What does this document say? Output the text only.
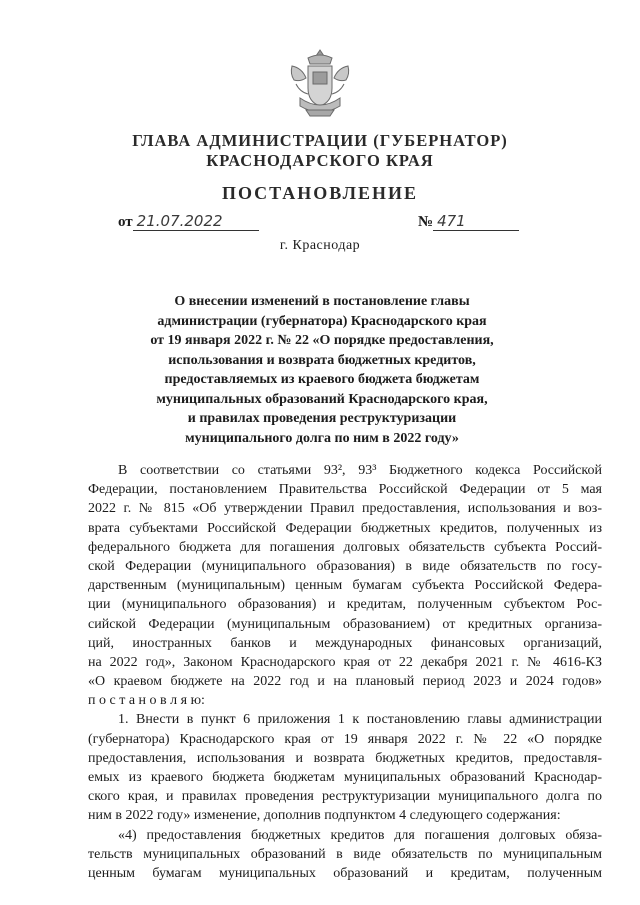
ГЛАВА АДМИНИСТРАЦИИ (ГУБЕРНАТОР)
КРАСНОДАРСКОГО КРАЯ
ПОСТАНОВЛЕНИЕ
от 21.07.2022	№ 471
г. Краснодар
О внесении изменений в постановление главы
администрации (губернатора) Краснодарского края
от 19 января 2022 г. № 22 «О порядке предоставления,
использования и возврата бюджетных кредитов,
предоставляемых из краевого бюджета бюджетам
муниципальных образований Краснодарского края,
и правилах проведения реструктуризации
муниципального долга по ним в 2022 году»
В соответствии со статьями 93², 93³ Бюджетного кодекса Российской
Федерации, постановлением Правительства Российской Федерации от 5 мая
2022 г. № 815 «Об утверждении Правил предоставления, использования и воз-
врата субъектами Российской Федерации бюджетных кредитов, полученных из
федерального бюджета для погашения долговых обязательств субъекта Россий-
ской Федерации (муниципального образования) в виде обязательств по госу-
дарственным (муниципальным) ценным бумагам субъекта Российской Федера-
ции (муниципального образования) и кредитам, полученным субъектом Рос-
сийской Федерации (муниципальным образованием) от кредитных организа-
ций, иностранных банков и международных финансовых организаций,
на 2022 год», Законом Краснодарского края от 22 декабря 2021 г. № 4616-КЗ
«О краевом бюджете на 2022 год и на плановый период 2023 и 2024 годов»
п о с т а н о в л я ю:
1. Внести в пункт 6 приложения 1 к постановлению главы администрации
(губернатора) Краснодарского края от 19 января 2022 г. № 22 «О порядке
предоставления, использования и возврата бюджетных кредитов, предоставля-
емых из краевого бюджета бюджетам муниципальных образований Краснодар-
ского края, и правилах проведения реструктуризации муниципального долга по
ним в 2022 году» изменение, дополнив подпунктом 4 следующего содержания:
«4) предоставления бюджетных кредитов для погашения долговых обяза-
тельств муниципальных образований в виде обязательств по муниципальным
ценным бумагам муниципальных образований и кредитам, полученным
